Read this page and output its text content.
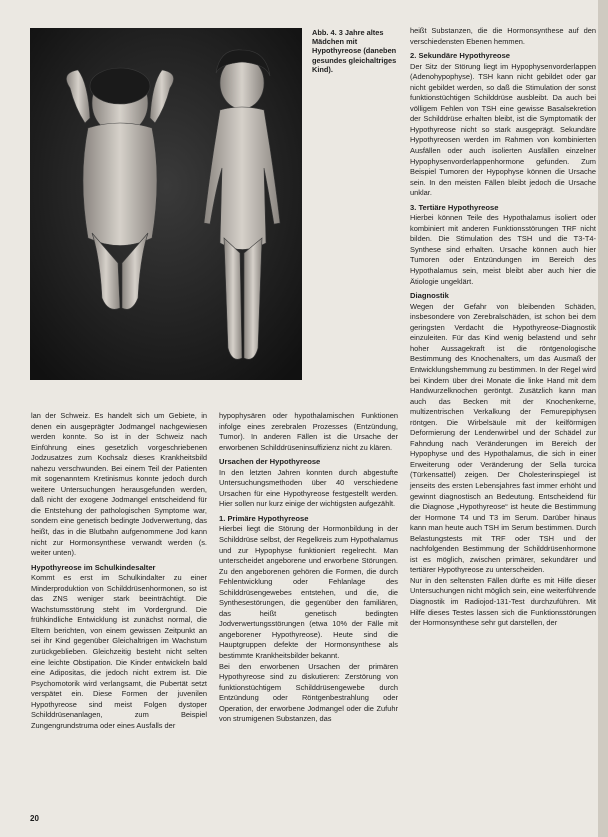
Abb. 4. 3 Jahre altes Mädchen mit Hypothyreose (daneben gesundes gleichaltriges Kind).

lan der Schweiz. Es handelt sich um Gebiete, in denen ein ausgeprägter Jodmangel nachgewiesen werden konnte. So ist in der Schweiz nach Einführung eines gesetzlich vorgeschriebenen Jodzusatzes zum Kochsalz dieses Krankheitsbild nahezu verschwunden. Bei einem Teil der Patienten mit sogenanntem Kretinismus konnte jedoch durch weitere Untersuchungen herausgefunden werden, daß nicht der exogene Jodmangel entscheidend für die Entstehung der pathologischen Symptome war, sondern eine genetisch bedingte Jodverwertung, das heißt, das in die Blutbahn aufgenommene Jod kann nicht zur Hormonsynthese verwandt werden (s. weiter unten).

Hypothyreose im Schulkindesalter

Kommt es erst im Schulkindalter zu einer Minderproduktion von Schilddrüsenhormonen, so ist das ZNS weniger stark beeinträchtigt. Die Wachstumsstörung steht im Vordergrund. Die frühkindliche Entwicklung ist zunächst normal, die Eltern berichten, von einem gewissen Zeitpunkt an sei ihr Kind gegenüber Gleichaltrigen im Wachstum zurückgeblieben. Gleichzeitig besteht nicht selten eine leichte Obstipation. Die Kinder entwickeln bald eine Adipositas, die jedoch nicht extrem ist. Die Psychomotorik wird verlangsamt, die Pubertät setzt verspätet ein. Diese Formen der juvenilen Hypothyreose sind meist Folgen dystoper Schilddrüsenanlagen, zum Beispiel Zungengrundstruma oder eines Ausfalls der

hypophysären oder hypothalamischen Funktionen infolge eines zerebralen Prozesses (Entzündung, Tumor). In anderen Fällen ist die Ursache der erworbenen Schilddrüseninsuffizienz nicht zu klären.

Ursachen der Hypothyreose

In den letzten Jahren konnten durch abgestufte Untersuchungsmethoden über 40 verschiedene Ursachen für eine Hypothyreose festgestellt werden. Hier sollen nur kurz einige der wichtigsten aufgezählt.

1. Primäre Hypothyreose

Hierbei liegt die Störung der Hormonbildung in der Schilddrüse selbst, der Regelkreis zum Hypothalamus und zur Hypophyse funktioniert regelrecht. Man unterscheidet angeborene und erworbene Störungen. Zu den angeborenen gehören die Formen, die durch Fehlentwicklung oder Fehlanlage des Schilddrüsengewebes entstehen, und die, die Synthesestörungen, die gegenüber den familiären, das heißt genetisch bedingten Jodverwertungsstörungen (etwa 10% der Fälle mit angeborener Hypothyreose). Heute sind die Hauptgruppen defekte der Hormonsynthese als bestimmte Krankheitsbilder bekannt.

Bei den erworbenen Ursachen der primären Hypothyreose sind zu diskutieren: Zerstörung von funktionstüchtigem Schilddrüsengewebe durch Entzündung oder Röntgenbestrahlung oder Operation, der erworbene Jodmangel oder die Zufuhr von strumigenen Substanzen, das

heißt Substanzen, die die Hormonsynthese auf den verschiedensten Ebenen hemmen.

2. Sekundäre Hypothyreose

Der Sitz der Störung liegt im Hypophysenvorderlappen (Adenohypophyse). TSH kann nicht gebildet oder gar nicht gebildet werden, so daß die Stimulation der sonst funktionstüchtigen Schilddrüse ausbleibt. Da auch bei völligem Fehlen von TSH eine gewisse Basalsekretion der Schilddrüse erhalten bleibt, ist die Symptomatik der Hypothyreose nicht so stark ausgeprägt. Sekundäre Hypothyreosen werden im Rahmen von kombinierten Ausfällen oder auch isolierten Ausfällen einzelner Hypophysenvorderlappenhormone gefunden. Zum Beispiel Tumoren der Hypophyse können die Ursache sein. In den meisten Fällen bleibt jedoch die Ursache unklar.

3. Tertiäre Hypothyreose

Hierbei können Teile des Hypothalamus isoliert oder kombiniert mit anderen Funktionsstörungen TRF nicht bilden. Die Stimulation des TSH und die T3-T4-Synthese sind erhalten. Ursache können auch hier Tumoren oder Entzündungen im Bereich des Hypothalamus sein, meist bleibt aber auch hier die Ätiologie ungeklärt.

Diagnostik

Wegen der Gefahr von bleibenden Schäden, insbesondere von Zerebralschäden, ist schon bei dem geringsten Verdacht die Hypothyreose-Diagnostik einzuleiten. Für das Kind wenig belastend und sehr hoher Aussagekraft ist die röntgenologische Bestimmung des Knochenalters, um das Ausmaß der Entwicklungshemmung zu bestimmen. In der Regel wird bei Kindern über drei Monate die linke Hand mit dem Handwurzelknochen geröntgt. Zusätzlich kann man auch das Becken mit der Knochenkerne, multizentrischen Verkalkung der Femurepiphysen röntgen. Die Wirbelsäule mit der keilförmigen Deformierung der Lendenwirbel und der Schädel zur Fahndung nach Veränderungen im Bereich der Hypophyse und des Hypothalamus, die sich in einer Erweiterung oder Veränderung der Sella turcica (Türkensattel) zeigen. Der Cholesterinspiegel ist jenseits des ersten Lebensjahres fast immer erhöht und gewinnt diagnostisch an Bedeutung. Entscheidend für die Diagnose „Hypothyreose“ ist heute die Bestimmung der Hormone T4 und T3 im Serum. Darüber hinaus kann man heute auch TSH im Serum bestimmen. Durch Belastungstests mit TRF oder TSH und der nachfolgenden Bestimmung der Schilddrüsenhormone ist es möglich, zwischen primärer, sekundärer und tertiärer Hypothyreose zu unterscheiden.

Nur in den seltensten Fällen dürfte es mit Hilfe dieser Untersuchungen nicht möglich sein, eine weiterführende Diagnostik im Radiojod-131-Test durchzuführen. Mit Hilfe dieses Testes lassen sich die Funktionsstörungen der Hormonsynthese sehr gut darstellen, der

20
